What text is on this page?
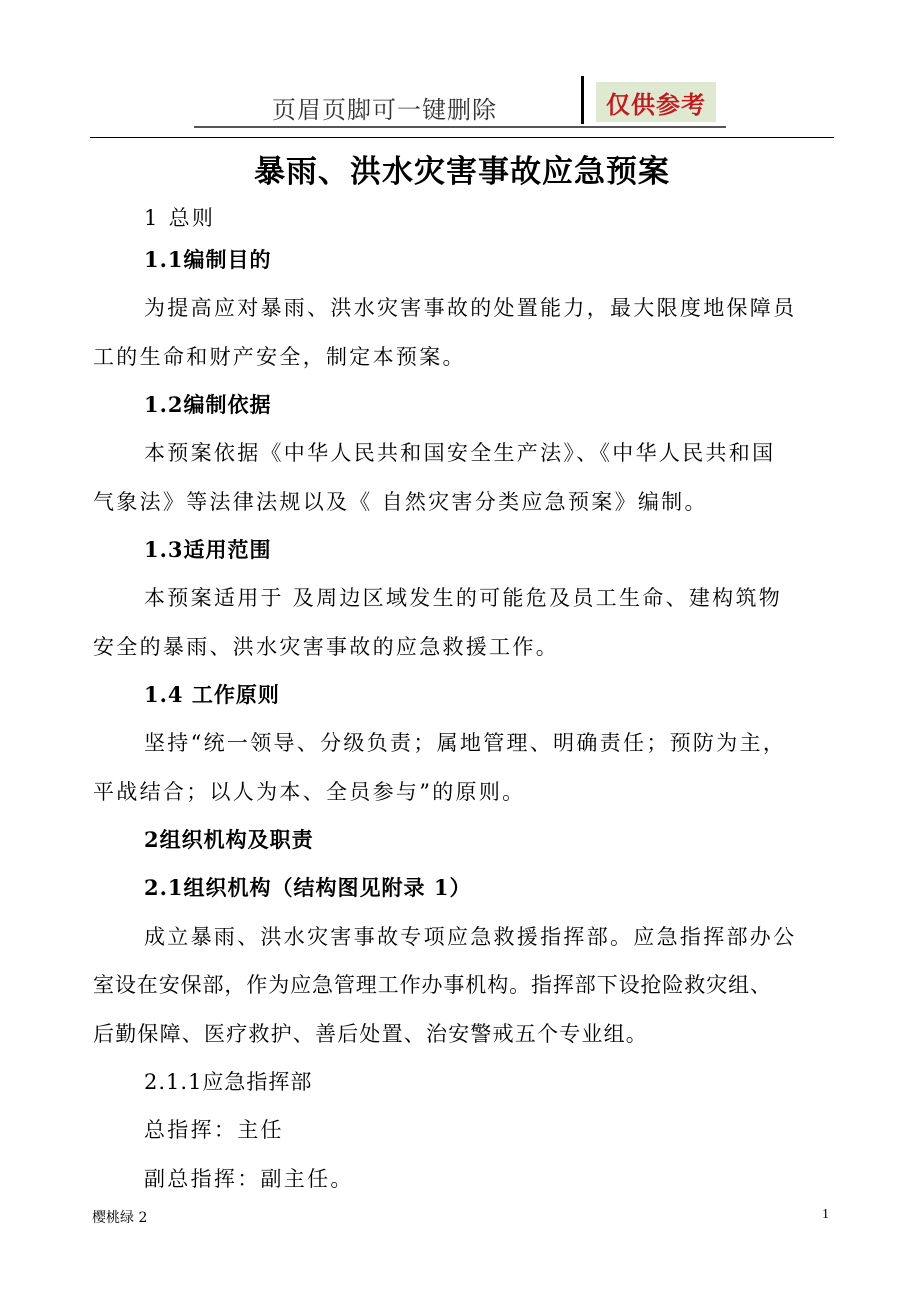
页眉页脚可一键删除	仅供参考
暴雨、洪水灾害事故应急预案
1 总则
1.1编制目的
为提高应对暴雨、洪水灾害事故的处置能力，最大限度地保障员
工的生命和财产安全，制定本预案。
1.2编制依据
本预案依据《中华人民共和国安全生产法》、《中华人民共和国
气象法》等法律法规以及《 自然灾害分类应急预案》编制。
1.3适用范围
本预案适用于 及周边区域发生的可能危及员工生命、建构筑物
安全的暴雨、洪水灾害事故的应急救援工作。
1.4 工作原则
坚持“统一领导、分级负责；属地管理、明确责任；预防为主，
平战结合；以人为本、全员参与”的原则。
2组织机构及职责
2.1组织机构（结构图见附录 1）
成立暴雨、洪水灾害事故专项应急救援指挥部。应急指挥部办公
室设在安保部，作为应急管理工作办事机构。指挥部下设抢险救灾组、
后勤保障、医疗救护、善后处置、治安警戒五个专业组。
2.1.1应急指挥部
总指挥：主任
副总指挥：副主任。
樱桃绿 2	1
